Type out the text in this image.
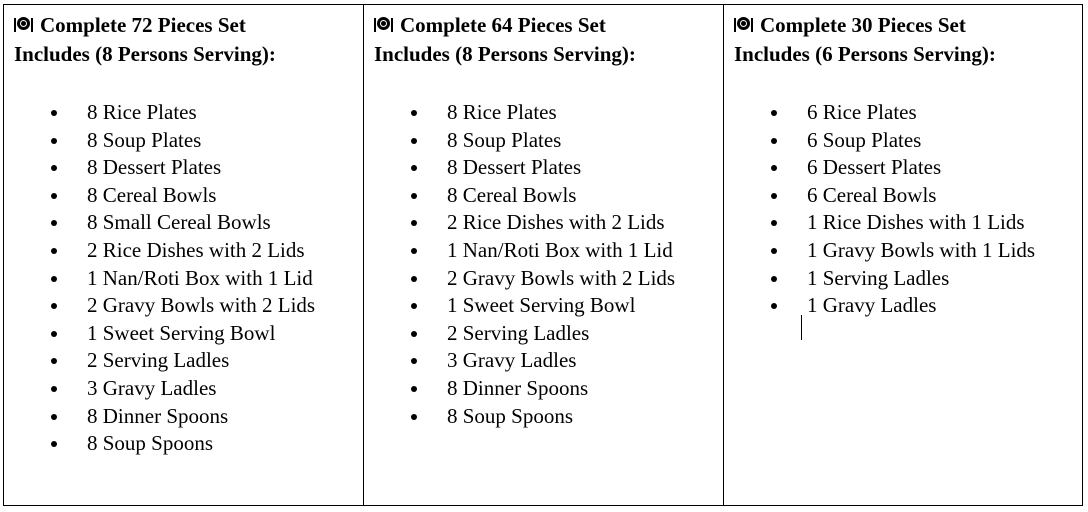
Complete 72 Pieces Set

Includes (8 Persons Serving):

8 Rice Plates
8 Soup Plates
8 Dessert Plates
8 Cereal Bowls
8 Small Cereal Bowls
2 Rice Dishes with 2 Lids
1 Nan/Roti Box with 1 Lid
2 Gravy Bowls with 2 Lids
1 Sweet Serving Bowl
2 Serving Ladles
3 Gravy Ladles
8 Dinner Spoons
8 Soup Spoons

Complete 64 Pieces Set

Includes (8 Persons Serving):

8 Rice Plates
8 Soup Plates
8 Dessert Plates
8 Cereal Bowls
2 Rice Dishes with 2 Lids
1 Nan/Roti Box with 1 Lid
2 Gravy Bowls with 2 Lids
1 Sweet Serving Bowl
2 Serving Ladles
3 Gravy Ladles
8 Dinner Spoons
8 Soup Spoons

Complete 30 Pieces Set

Includes (6 Persons Serving):

6 Rice Plates
6 Soup Plates
6 Dessert Plates
6 Cereal Bowls
1 Rice Dishes with 1 Lids
1 Gravy Bowls with 1 Lids
1 Serving Ladles
1 Gravy Ladles
